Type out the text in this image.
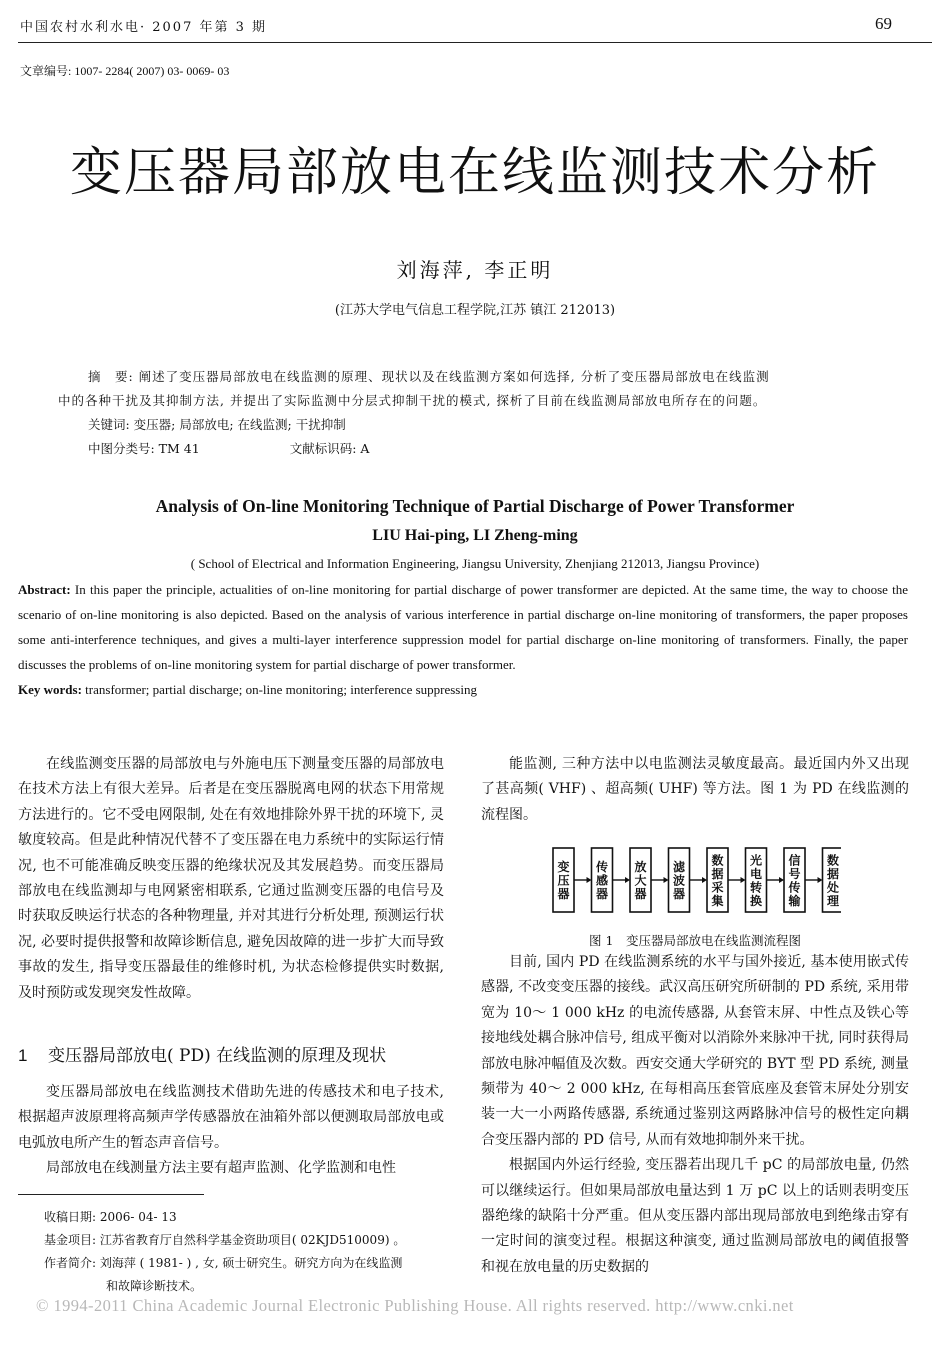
中国农村水利水电· 2007 年第 3 期	69
文章编号: 1007- 2284( 2007) 03- 0069- 03
变压器局部放电在线监测技术分析
刘海萍, 李正明
(江苏大学电气信息工程学院,江苏 镇江 212013)

摘　要: 阐述了变压器局部放电在线监测的原理、现状以及在线监测方案如何选择, 分析了变压器局部放电在线监测

中的各种干扰及其抑制方法, 并提出了实际监测中分层式抑制干扰的模式, 探析了目前在线监测局部放电所存在的问题。

关键词: 变压器; 局部放电; 在线监测; 干扰抑制

中图分类号: TM 41	文献标识码: A

Analysis of On-line Monitoring Technique of Partial Discharge of Power Transformer
LIU Hai-ping, LI Zheng-ming
( School of Electrical and Information Engineering, Jiangsu University, Zhenjiang 212013, Jiangsu Province)

Abstract: In this paper the principle, actualities of on-line monitoring for partial discharge of power transformer are depicted. At the same time, the way to choose the scenario of on-line monitoring is also depicted. Based on the analysis of various interference in partial discharge on-line monitoring of transformers, the paper proposes some anti-interference techniques, and gives a multi-layer interference suppression model for partial discharge on-line monitoring of transformers. Finally, the paper discusses the problems of on-line monitoring system for partial discharge of power transformer.

Key words: transformer; partial discharge; on-line monitoring; interference suppressing

在线监测变压器的局部放电与外施电压下测量变压器的局部放电在技术方法上有很大差异。后者是在变压器脱离电网的状态下用常规方法进行的。它不受电网限制, 处在有效地排除外界干扰的环境下, 灵敏度较高。但是此种情况代替不了变压器在电力系统中的实际运行情况, 也不可能准确反映变压器的绝缘状况及其发展趋势。而变压器局部放电在线监测却与电网紧密相联系, 它通过监测变压器的电信号及时获取反映运行状态的各种物理量, 并对其进行分析处理, 预测运行状况, 必要时提供报警和故障诊断信息, 避免因故障的进一步扩大而导致事故的发生, 指导变压器最佳的维修时机, 为状态检修提供实时数据, 及时预防或发现突发性故障。

1 变压器局部放电( PD) 在线监测的原理及现状

变压器局部放电在线监测技术借助先进的传感技术和电子技术, 根据超声波原理将高频声学传感器放在油箱外部以便测取局部放电或电弧放电所产生的暂态声音信号。

局部放电在线测量方法主要有超声监测、化学监测和电性

收稿日期: 2006- 04- 13

基金项目: 江苏省教育厅自然科学基金资助项目( 02KJD510009) 。

作者简介: 刘海萍 ( 1981- ) , 女, 硕士研究生。研究方向为在线监测

和故障诊断技术。

能监测, 三种方法中以电监测法灵敏度最高。最近国内外又出现了甚高频( VHF) 、超高频( UHF) 等方法。图 1 为 PD 在线监测的流程图。

变压器
传感器
放大器
滤波器
数据采集
光电转换
信号传输
数据处理
图 1　变压器局部放电在线监测流程图

目前, 国内 PD 在线监测系统的水平与国外接近, 基本使用嵌式传感器, 不改变变压器的接线。武汉高压研究所研制的 PD 系统, 采用带宽为 10～ 1 000 kHz 的电流传感器, 从套管末屏、中性点及铁心等接地线处耦合脉冲信号, 组成平衡对以消除外来脉冲干扰, 同时获得局部放电脉冲幅值及次数。西安交通大学研究的 BYT 型 PD 系统, 测量频带为 40～ 2 000 kHz, 在每相高压套管底座及套管末屏处分别安装一大一小两路传感器, 系统通过鉴别这两路脉冲信号的极性定向耦合变压器内部的 PD 信号, 从而有效地抑制外来干扰。

根据国内外运行经验, 变压器若出现几千 pC 的局部放电量, 仍然可以继续运行。但如果局部放电量达到 1 万 pC 以上的话则表明变压器绝缘的缺陷十分严重。但从变压器内部出现局部放电到绝缘击穿有一定时间的演变过程。根据这种演变, 通过监测局部放电的阈值报警和视在放电量的历史数据的

© 1994-2011 China Academic Journal Electronic Publishing House. All rights reserved. http://www.cnki.net
